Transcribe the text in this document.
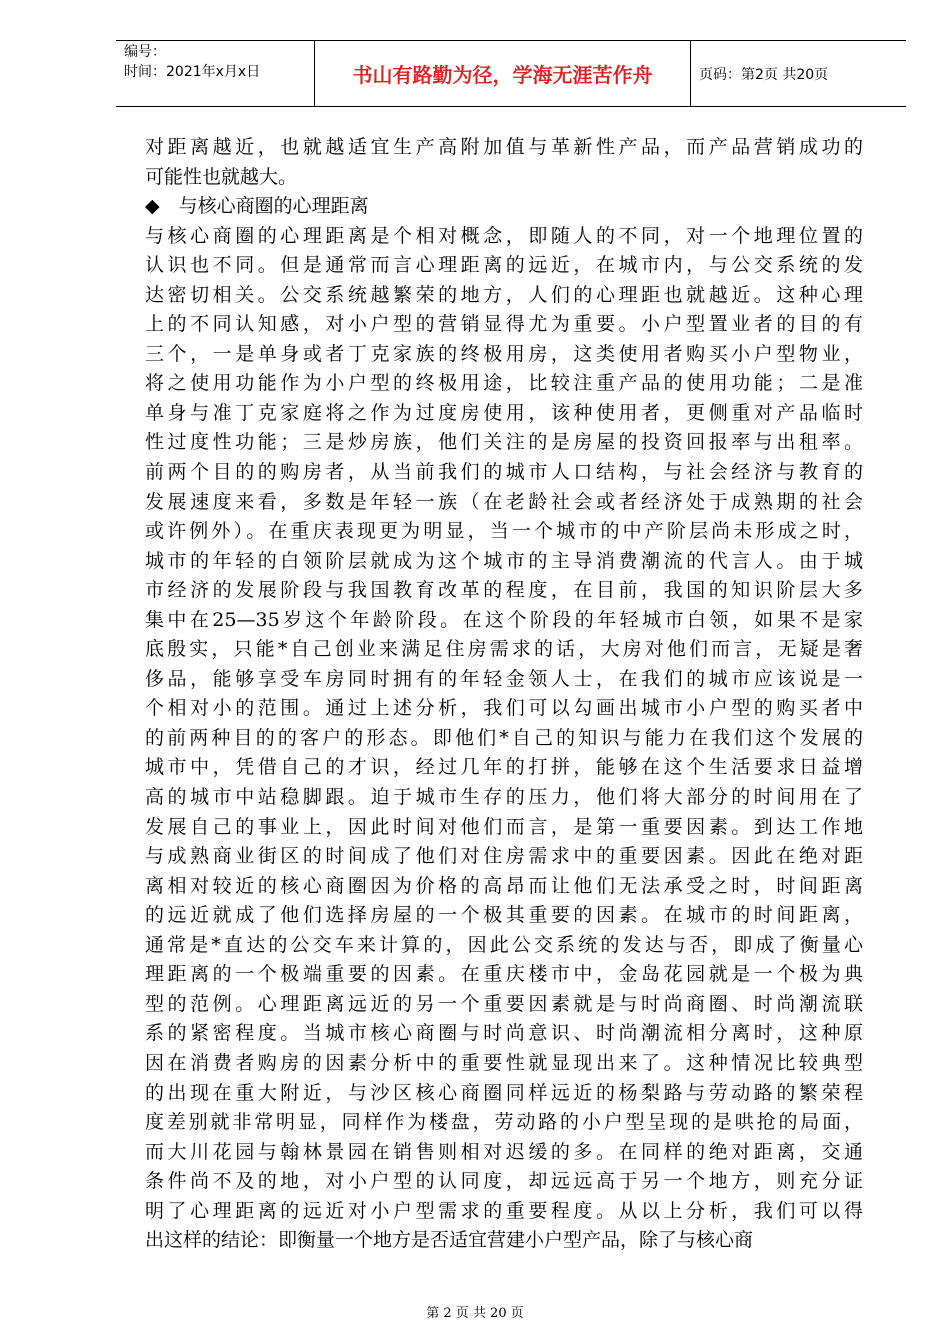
编号：
时间：2021年x月x日	书山有路勤为径，学海无涯苦作舟	页码：第2页 共20页
对距离越近，也就越适宜生产高附加值与革新性产品，而产品营销成功的
可能性也就越大。
◆　与核心商圈的心理距离
与核心商圈的心理距离是个相对概念，即随人的不同，对一个地理位置的
认识也不同。但是通常而言心理距离的远近，在城市内，与公交系统的发
达密切相关。公交系统越繁荣的地方，人们的心理距也就越近。这种心理
上的不同认知感，对小户型的营销显得尤为重要。小户型置业者的目的有
三个，一是单身或者丁克家族的终极用房，这类使用者购买小户型物业，
将之使用功能作为小户型的终极用途，比较注重产品的使用功能；二是准
单身与准丁克家庭将之作为过度房使用，该种使用者，更侧重对产品临时
性过度性功能；三是炒房族，他们关注的是房屋的投资回报率与出租率。
前两个目的的购房者，从当前我们的城市人口结构，与社会经济与教育的
发展速度来看，多数是年轻一族（在老龄社会或者经济处于成熟期的社会
或许例外）。在重庆表现更为明显，当一个城市的中产阶层尚未形成之时，
城市的年轻的白领阶层就成为这个城市的主导消费潮流的代言人。由于城
市经济的发展阶段与我国教育改革的程度，在目前，我国的知识阶层大多
集中在25—35岁这个年龄阶段。在这个阶段的年轻城市白领，如果不是家
底殷实，只能*自己创业来满足住房需求的话，大房对他们而言，无疑是奢
侈品，能够享受车房同时拥有的年轻金领人士，在我们的城市应该说是一
个相对小的范围。通过上述分析，我们可以勾画出城市小户型的购买者中
的前两种目的的客户的形态。即他们*自己的知识与能力在我们这个发展的
城市中，凭借自己的才识，经过几年的打拼，能够在这个生活要求日益增
高的城市中站稳脚跟。迫于城市生存的压力，他们将大部分的时间用在了
发展自己的事业上，因此时间对他们而言，是第一重要因素。到达工作地
与成熟商业街区的时间成了他们对住房需求中的重要因素。因此在绝对距
离相对较近的核心商圈因为价格的高昂而让他们无法承受之时，时间距离
的远近就成了他们选择房屋的一个极其重要的因素。在城市的时间距离，
通常是*直达的公交车来计算的，因此公交系统的发达与否，即成了衡量心
理距离的一个极端重要的因素。在重庆楼市中，金岛花园就是一个极为典
型的范例。心理距离远近的另一个重要因素就是与时尚商圈、时尚潮流联
系的紧密程度。当城市核心商圈与时尚意识、时尚潮流相分离时，这种原
因在消费者购房的因素分析中的重要性就显现出来了。这种情况比较典型
的出现在重大附近，与沙区核心商圈同样远近的杨梨路与劳动路的繁荣程
度差别就非常明显，同样作为楼盘，劳动路的小户型呈现的是哄抢的局面，
而大川花园与翰林景园在销售则相对迟缓的多。在同样的绝对距离，交通
条件尚不及的地，对小户型的认同度，却远远高于另一个地方，则充分证
明了心理距离的远近对小户型需求的重要程度。从以上分析，我们可以得
出这样的结论：即衡量一个地方是否适宜营建小户型产品，除了与核心商
第 2 页 共 20 页
